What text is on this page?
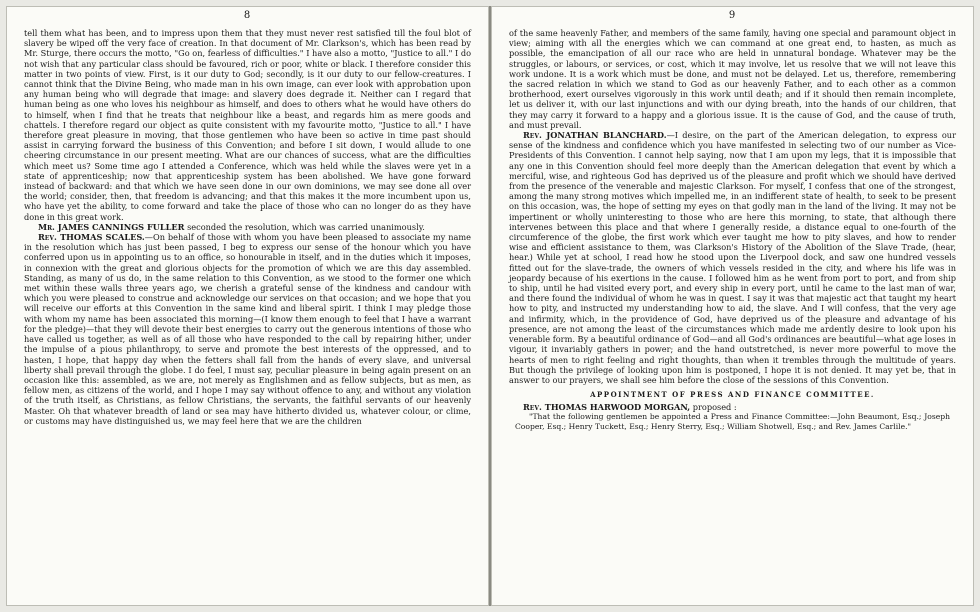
8

tell them what has been, and to impress upon them that they must never rest satisfied till the foul blot of slavery be wiped off the very face of creation. In that document of Mr. Clarkson's, which has been read by Mr. Sturge, there occurs the motto, "Go on, fearless of difficulties." I have also a motto, "Justice to all." I do not wish that any particular class should be favoured, rich or poor, white or black. I therefore consider this matter in two points of view. First, is it our duty to God; secondly, is it our duty to our fellow-creatures. I cannot think that the Divine Being, who made man in his own image, can ever look with approbation upon any human being who will degrade that image: and slavery does degrade it. Neither can I regard that human being as one who loves his neighbour as himself, and does to others what he would have others do to himself, when I find that he treats that neighbour like a beast, and regards him as mere goods and chattels. I therefore regard our object as quite consistent with my favourite motto, "Justice to all." I have therefore great pleasure in moving, that those gentlemen who have been so active in time past should assist in carrying forward the business of this Convention; and before I sit down, I would allude to one cheering circumstance in our present meeting. What are our chances of success, what are the difficulties which meet us? Some time ago I attended a Conference, which was held while the slaves were yet in a state of apprenticeship; now that apprenticeship system has been abolished. We have gone forward instead of backward: and that which we have seen done in our own dominions, we may see done all over the world; consider, then, that freedom is advancing; and that this makes it the more incumbent upon us, who have yet the ability, to come forward and take the place of those who can no longer do as they have done in this great work.

Mr. JAMES CANNINGS FULLER seconded the resolution, which was carried unanimously.

Rev. THOMAS SCALES.—On behalf of those with whom you have been pleased to associate my name in the resolution which has just been passed, I beg to express our sense of the honour which you have conferred upon us in appointing us to an office, so honourable in itself, and in the duties which it imposes, in connexion with the great and glorious objects for the promotion of which we are this day assembled. Standing, as many of us do, in the same relation to this Convention, as we stood to the former one which met within these walls three years ago, we cherish a grateful sense of the kindness and candour with which you were pleased to construe and acknowledge our services on that occasion; and we hope that you will receive our efforts at this Convention in the same kind and liberal spirit. I think I may pledge those with whom my name has been associated this morning—(I know them enough to feel that I have a warrant for the pledge)—that they will devote their best energies to carry out the generous intentions of those who have called us together, as well as of all those who have responded to the call by repairing hither, under the impulse of a pious philanthropy, to serve and promote the best interests of the oppressed, and to hasten, I hope, that happy day when the fetters shall fall from the hands of every slave, and universal liberty shall prevail through the globe. I do feel, I must say, peculiar pleasure in being again present on an occasion like this: assembled, as we are, not merely as Englishmen and as fellow subjects, but as men, as fellow men, as citizens of the world, and I hope I may say without offence to any, and without any violation of the truth itself, as Christians, as fellow Christians, the servants, the faithful servants of our heavenly Master. Oh that whatever breadth of land or sea may have hitherto divided us, whatever colour, or clime, or customs may have distinguished us, we may feel here that we are the children

9

of the same heavenly Father, and members of the same family, having one special and paramount object in view; aiming with all the energies which we can command at one great end, to hasten, as much as possible, the emancipation of all our race who are held in unnatural bondage. Whatever may be the struggles, or labours, or services, or cost, which it may involve, let us resolve that we will not leave this work undone. It is a work which must be done, and must not be delayed. Let us, therefore, remembering the sacred relation in which we stand to God as our heavenly Father, and to each other as a common brotherhood, exert ourselves vigorously in this work until death; and if it should then remain incomplete, let us deliver it, with our last injunctions and with our dying breath, into the hands of our children, that they may carry it forward to a happy and a glorious issue. It is the cause of God, and the cause of truth, and must prevail.

Rev. JONATHAN BLANCHARD.—I desire, on the part of the American delegation, to express our sense of the kindness and confidence which you have manifested in selecting two of our number as Vice-Presidents of this Convention. I cannot help saying, now that I am upon my legs, that it is impossible that any one in this Convention should feel more deeply than the American delegation that event by which a merciful, wise, and righteous God has deprived us of the pleasure and profit which we should have derived from the presence of the venerable and majestic Clarkson. For myself, I confess that one of the strongest, among the many strong motives which impelled me, in an indifferent state of health, to seek to be present on this occasion, was, the hope of setting my eyes on that godly man in the land of the living. It may not be impertinent or wholly uninteresting to those who are here this morning, to state, that although there intervenes between this place and that where I generally reside, a distance equal to one-fourth of the circumference of the globe, the first work which ever taught me how to pity slaves, and how to render wise and efficient assistance to them, was Clarkson's History of the Abolition of the Slave Trade, (hear, hear.) While yet at school, I read how he stood upon the Liverpool dock, and saw one hundred vessels fitted out for the slave-trade, the owners of which vessels resided in the city, and where his life was in jeopardy because of his exertions in the cause. I followed him as he went from port to port, and from ship to ship, until he had visited every port, and every ship in every port, until he came to the last man of war, and there found the individual of whom he was in quest. I say it was that majestic act that taught my heart how to pity, and instructed my understanding how to aid, the slave. And I will confess, that the very age and infirmity, which, in the providence of God, have deprived us of the pleasure and advantage of his presence, are not among the least of the circumstances which made me ardently desire to look upon his venerable form. By a beautiful ordinance of God—and all God's ordinances are beautiful—what age loses in vigour, it invariably gathers in power; and the hand outstretched, is never more powerful to move the hearts of men to right feeling and right thoughts, than when it trembles through the multitude of years. But though the privilege of looking upon him is postponed, I hope it is not denied. It may yet be, that in answer to our prayers, we shall see him before the close of the sessions of this Convention.

APPOINTMENT OF PRESS AND FINANCE COMMITTEE.

Rev. THOMAS HARWOOD MORGAN, proposed :

"That the following gentlemen be appointed a Press and Finance Committee:—John Beaumont, Esq.; Joseph Cooper, Esq.; Henry Tuckett, Esq.; Henry Sterry, Esq.; William Shotwell, Esq.; and Rev. James Carlile."
